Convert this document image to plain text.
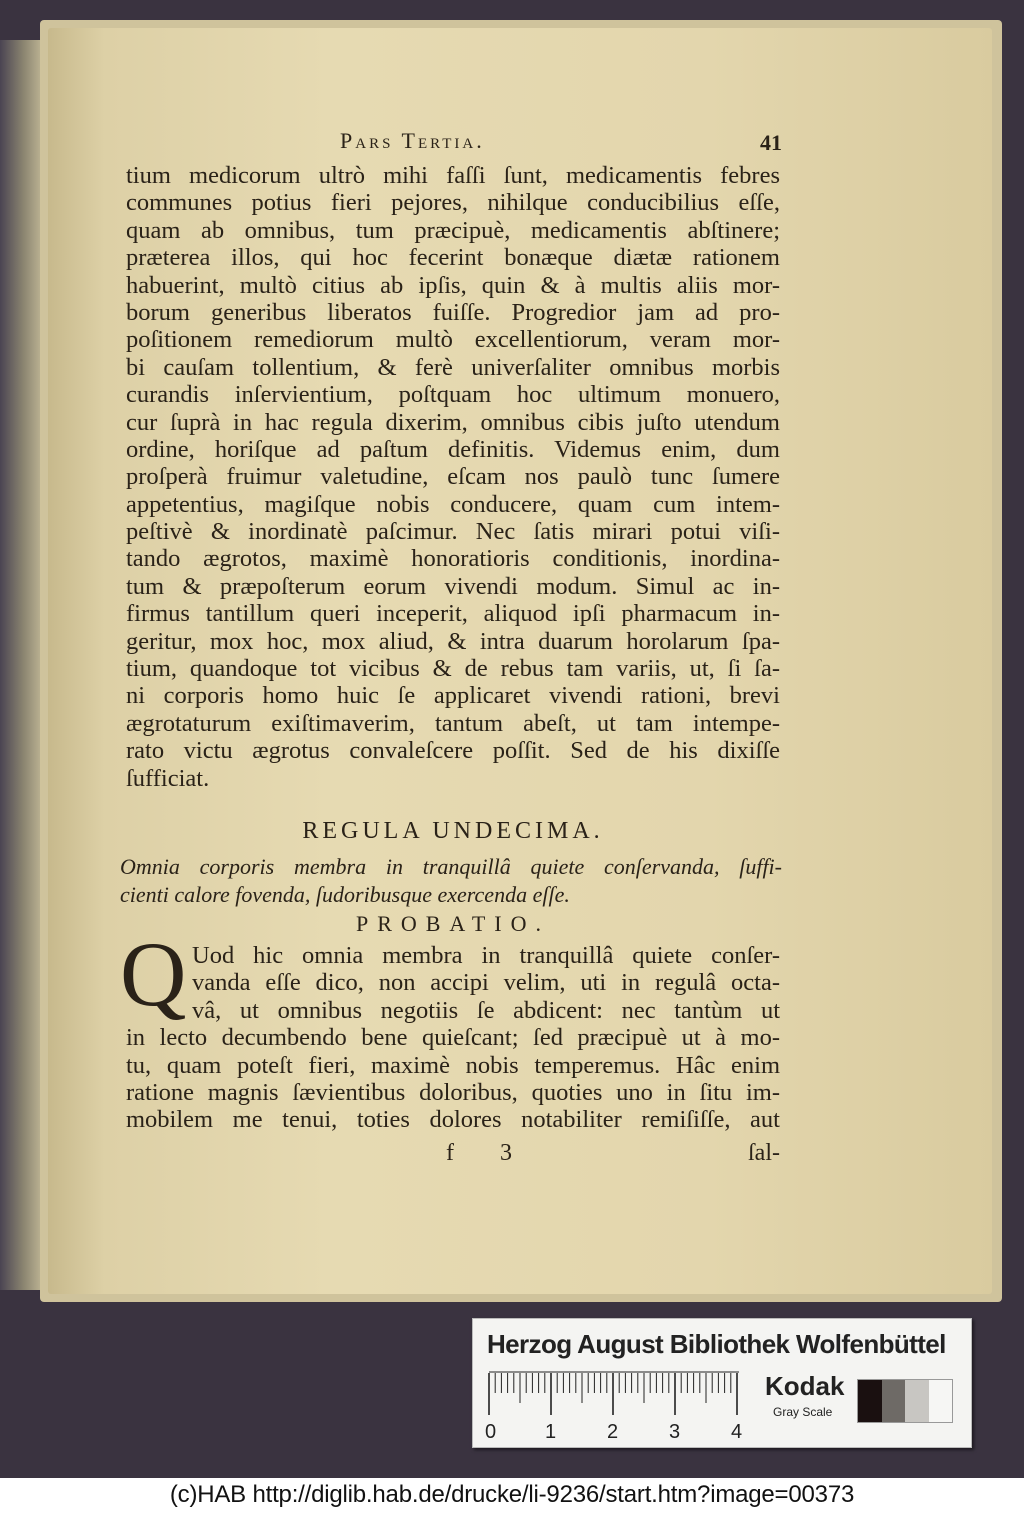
Pars Tertia.	41
tium medicorum ultrò mihi faſſi ſunt, medicamentis febres
communes potius fieri pejores, nihilque conducibilius eſſe,
quam ab omnibus, tum præcipuè, medicamentis abſtinere;
præterea illos, qui hoc fecerint bonæque diætæ rationem
habuerint, multò citius ab ipſis, quin & à multis aliis mor-
borum generibus liberatos fuiſſe. Progredior jam ad pro-
poſitionem remediorum multò excellentiorum, veram mor-
bi cauſam tollentium, & ferè univerſaliter omnibus morbis
curandis inſervientium, poſtquam hoc ultimum monuero,
cur ſuprà in hac regula dixerim, omnibus cibis juſto utendum
ordine, horiſque ad paſtum definitis. Videmus enim, dum
proſperà fruimur valetudine, eſcam nos paulò tunc ſumere
appetentius, magiſque nobis conducere, quam cum intem-
peſtivè & inordinatè paſcimur. Nec ſatis mirari potui viſi-
tando ægrotos, maximè honoratioris conditionis, inordina-
tum & præpoſterum eorum vivendi modum. Simul ac in-
firmus tantillum queri inceperit, aliquod ipſi pharmacum in-
geritur, mox hoc, mox aliud, & intra duarum horolarum ſpa-
tium, quandoque tot vicibus & de rebus tam variis, ut, ſi ſa-
ni corporis homo huic ſe applicaret vivendi rationi, brevi
ægrotaturum exiſtimaverim, tantum abeſt, ut tam intempe-
rato victu ægrotus convaleſcere poſſit. Sed de his dixiſſe
ſufficiat.
REGULA UNDECIMA.
Omnia corporis membra in tranquillâ quiete conſervanda, ſuffi-
cienti calore fovenda, ſudoribusque exercenda eſſe.
PROBATIO.
Q Uod hic omnia membra in tranquillâ quiete conſer-
vanda eſſe dico, non accipi velim, uti in regulâ octa-
vâ, ut omnibus negotiis ſe abdicent: nec tantùm ut
in lecto decumbendo bene quieſcant; ſed præcipuè ut à mo-
tu, quam poteſt fieri, maximè nobis temperemus. Hâc enim
ratione magnis ſævientibus doloribus, quoties uno in ſitu im-
mobilem me tenui, toties dolores notabiliter remiſiſſe, aut
f 3	ſal-
Herzog August Bibliothek Wolfenbüttel
0 1	2	3	4
Kodak
Gray Scale
(c)HAB http://diglib.hab.de/drucke/li-9236/start.htm?image=00373
